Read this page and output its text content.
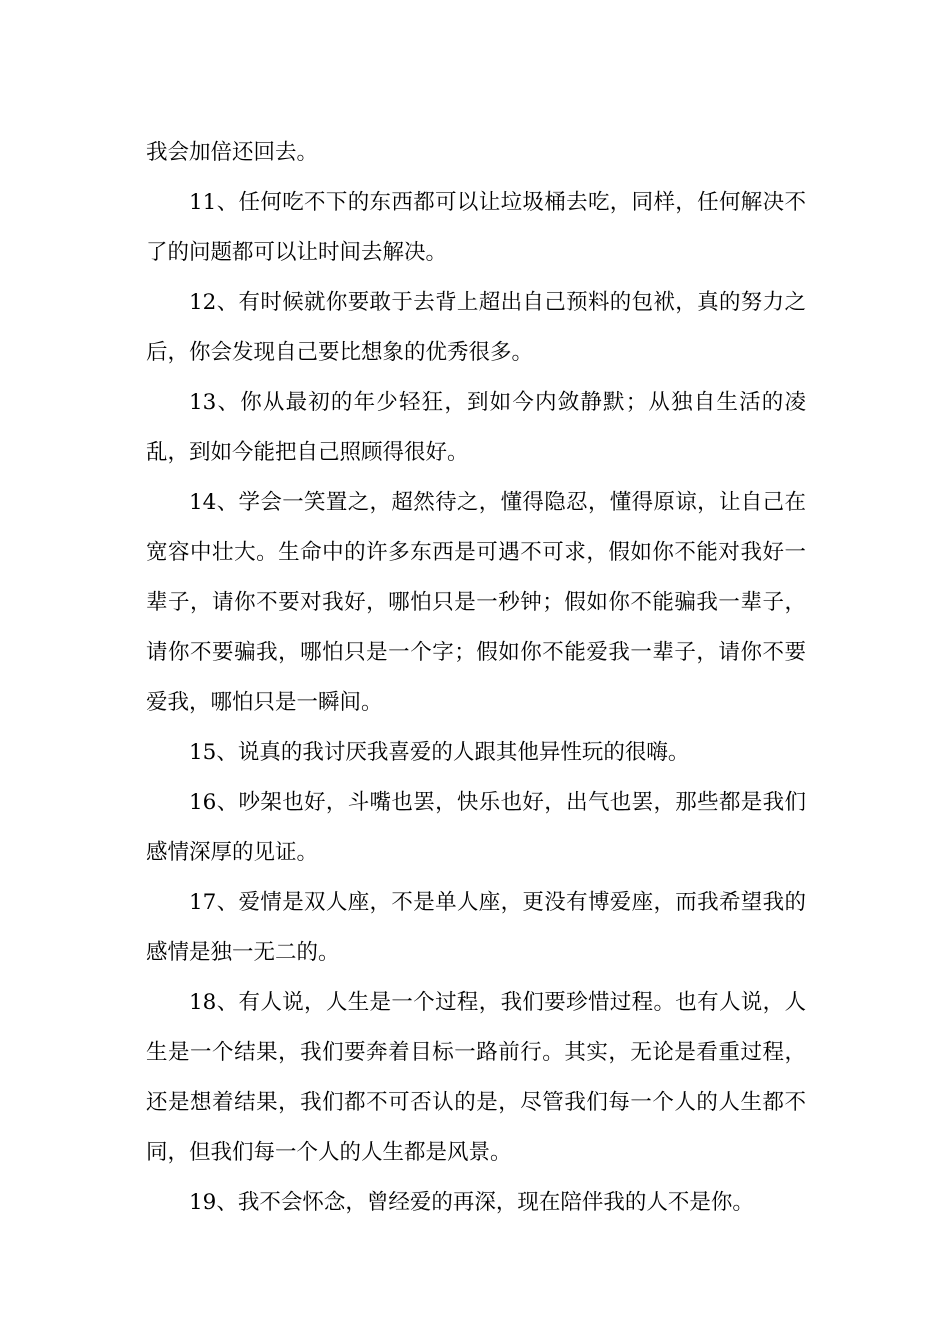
我会加倍还回去。

11、任何吃不下的东西都可以让垃圾桶去吃，同样，任何解决不了的问题都可以让时间去解决。

12、有时候就你要敢于去背上超出自己预料的包袱，真的努力之后，你会发现自己要比想象的优秀很多。

13、你从最初的年少轻狂，到如今内敛静默；从独自生活的凌乱，到如今能把自己照顾得很好。

14、学会一笑置之，超然待之，懂得隐忍，懂得原谅，让自己在宽容中壮大。生命中的许多东西是可遇不可求，假如你不能对我好一辈子，请你不要对我好，哪怕只是一秒钟；假如你不能骗我一辈子，请你不要骗我，哪怕只是一个字；假如你不能爱我一辈子，请你不要爱我，哪怕只是一瞬间。

15、说真的我讨厌我喜爱的人跟其他异性玩的很嗨。

16、吵架也好，斗嘴也罢，快乐也好，出气也罢，那些都是我们感情深厚的见证。

17、爱情是双人座，不是单人座，更没有博爱座，而我希望我的感情是独一无二的。

18、有人说，人生是一个过程，我们要珍惜过程。也有人说，人生是一个结果，我们要奔着目标一路前行。其实，无论是看重过程，还是想着结果，我们都不可否认的是，尽管我们每一个人的人生都不同，但我们每一个人的人生都是风景。

19、我不会怀念，曾经爱的再深，现在陪伴我的人不是你。
